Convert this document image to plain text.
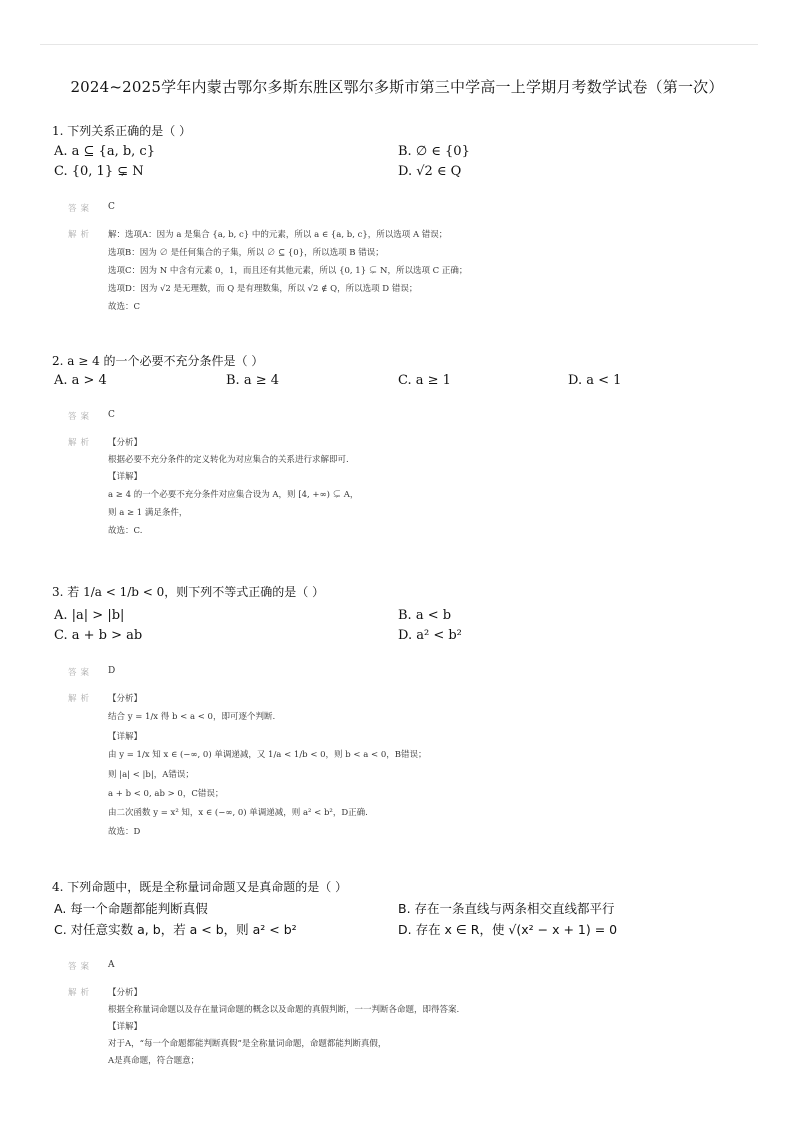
2024~2025学年内蒙古鄂尔多斯东胜区鄂尔多斯市第三中学高一上学期月考数学试卷（第一次）
1. 下列关系正确的是（ ）
A. a ⊆ {a, b, c}	B. ∅ ∈ {0}
C. {0, 1} ⊊ N	D. √2 ∈ Q
答案 C
解析 解：选项A：因为 a 是集合 {a, b, c} 中的元素，所以 a ∈ {a, b, c}，所以选项 A 错误；
选项B：因为 ∅ 是任何集合的子集，所以 ∅ ⊆ {0}，所以选项 B 错误；
选项C：因为 N 中含有元素 0，1，而且还有其他元素，所以 {0, 1} ⊊ N，所以选项 C 正确；
选项D：因为 √2 是无理数，而 Q 是有理数集，所以 √2 ∉ Q，所以选项 D 错误；
故选：C
2. a ≥ 4 的一个必要不充分条件是（ ）
A. a > 4	B. a ≥ 4	C. a ≥ 1	D. a < 1
答案 C
解析 【分析】
根据必要不充分条件的定义转化为对应集合的关系进行求解即可.
【详解】
a ≥ 4 的一个必要不充分条件对应集合设为 A，则 [4, +∞) ⊊ A，
则 a ≥ 1 满足条件，
故选：C.
3. 若 1/a < 1/b < 0，则下列不等式正确的是（ ）
A. |a| > |b|	B. a < b
C. a + b > ab	D. a² < b²
答案 D
解析 【分析】
结合 y = 1/x 得 b < a < 0，即可逐个判断.
【详解】
由 y = 1/x 知 x ∈ (−∞, 0) 单调递减，又 1/a < 1/b < 0，则 b < a < 0，B错误；
则 |a| < |b|，A错误；
a + b < 0, ab > 0，C错误；
由二次函数 y = x² 知，x ∈ (−∞, 0) 单调递减，则 a² < b²，D正确.
故选：D
4. 下列命题中，既是全称量词命题又是真命题的是（ ）
A. 每一个命题都能判断真假	B. 存在一条直线与两条相交直线都平行
C. 对任意实数 a, b，若 a < b，则 a² < b²	D. 存在 x ∈ R，使 √(x² − x + 1) = 0
答案 A
解析 【分析】
根据全称量词命题以及存在量词命题的概念以及命题的真假判断，一一判断各命题，即得答案.
【详解】
对于A，“每一个命题都能判断真假”是全称量词命题，命题都能判断真假，
A是真命题，符合题意；
